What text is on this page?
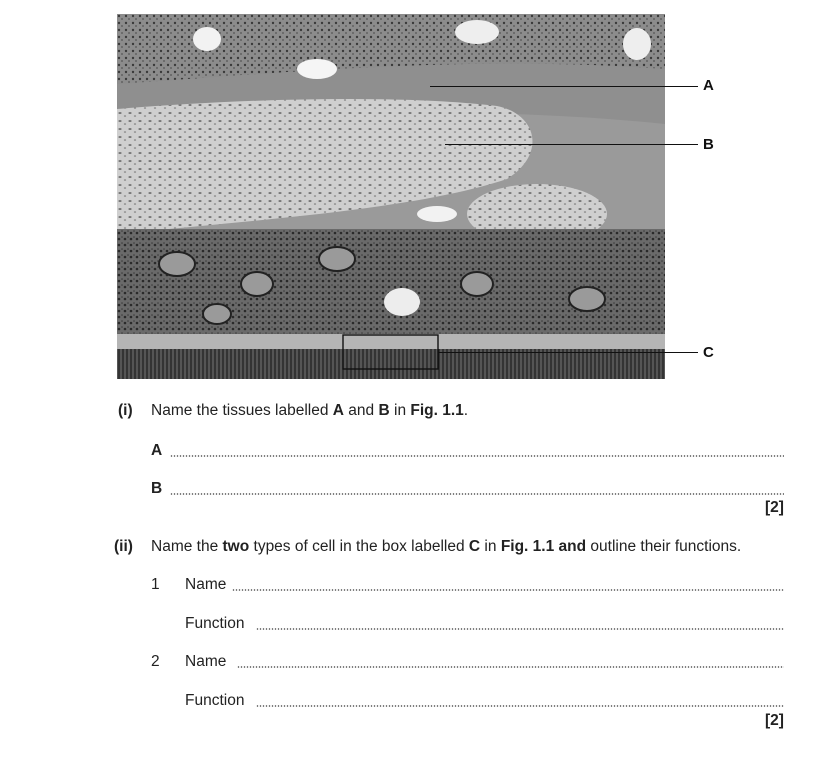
A
B
C
(i) Name the tissues labelled A and B in Fig. 1.1.
A
B
[2]
(ii) Name the two types of cell in the box labelled C in Fig. 1.1 and outline their functions.
1 Name
Function
2 Name
Function
[2]
